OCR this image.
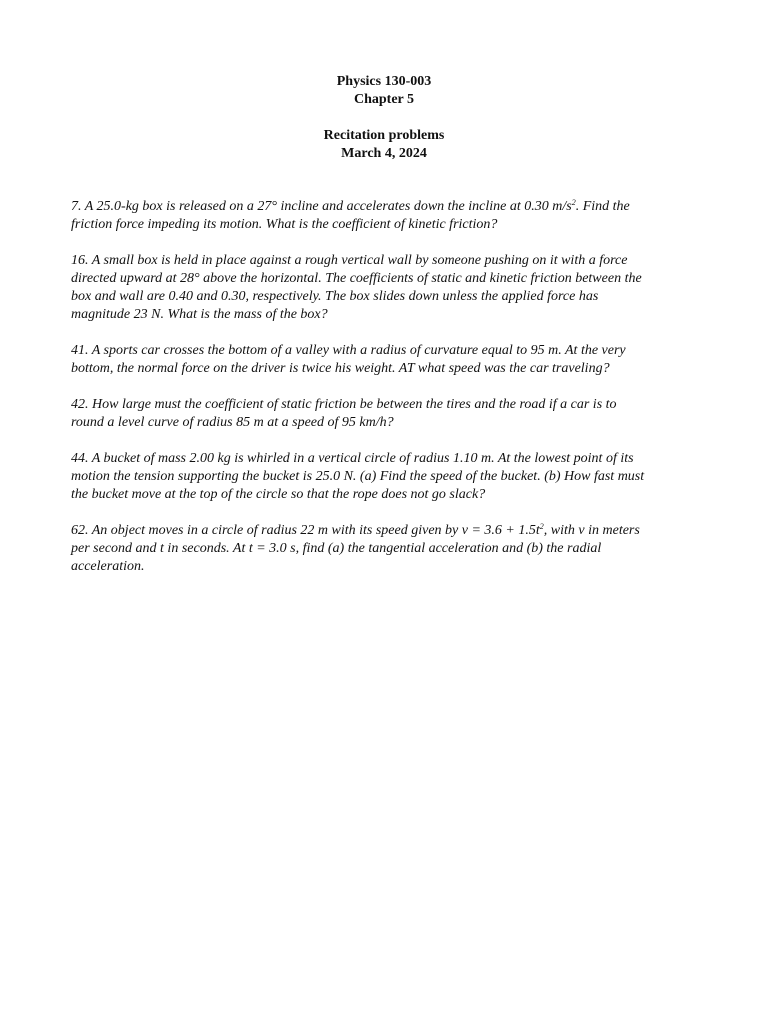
Physics 130-003
Chapter 5
Recitation problems
March 4, 2024
7. A 25.0-kg box is released on a 27° incline and accelerates down the incline at 0.30 $m/s^2$. Find the
friction force impeding its motion. What is the coefficient of kinetic friction?
16. A small box is held in place against a rough vertical wall by someone pushing on it with a force
directed upward at 28° above the horizontal. The coefficients of static and kinetic friction between the
box and wall are 0.40 and 0.30, respectively. The box slides down unless the applied force has
magnitude 23 N. What is the mass of the box?
41. A sports car crosses the bottom of a valley with a radius of curvature equal to 95 m. At the very
bottom, the normal force on the driver is twice his weight. AT what speed was the car traveling?
42. How large must the coefficient of static friction be between the tires and the road if a car is to
round a level curve of radius 85 m at a speed of 95 km/h?
44. A bucket of mass 2.00 kg is whirled in a vertical circle of radius 1.10 m. At the lowest point of its
motion the tension supporting the bucket is 25.0 N. (a) Find the speed of the bucket. (b) How fast must
the bucket move at the top of the circle so that the rope does not go slack?
62. An object moves in a circle of radius 22 m with its speed given by $v = 3.6 + 1.5t^2$, with v in meters
per second and t in seconds. At t = 3.0 s, find (a) the tangential acceleration and (b) the radial
acceleration.
